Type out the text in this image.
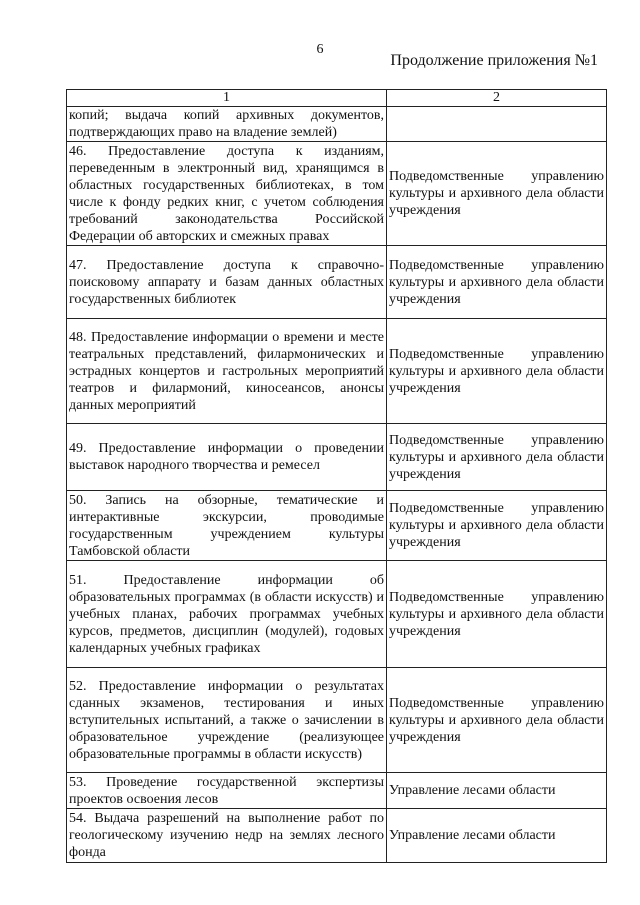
6
Продолжение приложения №1
1	2
копий; выдача копий архивных документов, подтверждающих право на владение землей)	
46. Предоставление доступа к изданиям, переведенным в электронный вид, хранящимся в областных государственных библиотеках, в том числе к фонду редких книг, с учетом соблюдения требований законодательства Российской Федерации об авторских и смежных правах	Подведомственные управлению культуры и архивного дела области учреждения
47. Предоставление доступа к справочно-поисковому аппарату и базам данных областных государственных библиотек	Подведомственные управлению культуры и архивного дела области учреждения
48. Предоставление информации о времени и месте театральных представлений, филармонических и эстрадных концертов и гастрольных мероприятий театров и филармоний, киносеансов, анонсы данных мероприятий	Подведомственные управлению культуры и архивного дела области учреждения
49. Предоставление информации о проведении выставок народного творчества и ремесел	Подведомственные управлению культуры и архивного дела области учреждения
50. Запись на обзорные, тематические и интерактивные экскурсии, проводимые государственным учреждением культуры Тамбовской области	Подведомственные управлению культуры и архивного дела области учреждения
51. Предоставление информации об образовательных программах (в области искусств) и учебных планах, рабочих программах учебных курсов, предметов, дисциплин (модулей), годовых календарных учебных графиках	Подведомственные управлению культуры и архивного дела области учреждения
52. Предоставление информации о результатах сданных экзаменов, тестирования и иных вступительных испытаний, а также о зачислении в образовательное учреждение (реализующее образовательные программы в области искусств)	Подведомственные управлению культуры и архивного дела области учреждения
53. Проведение государственной экспертизы проектов освоения лесов	Управление лесами области
54. Выдача разрешений на выполнение работ по геологическому изучению недр на землях лесного фонда	Управление лесами области
